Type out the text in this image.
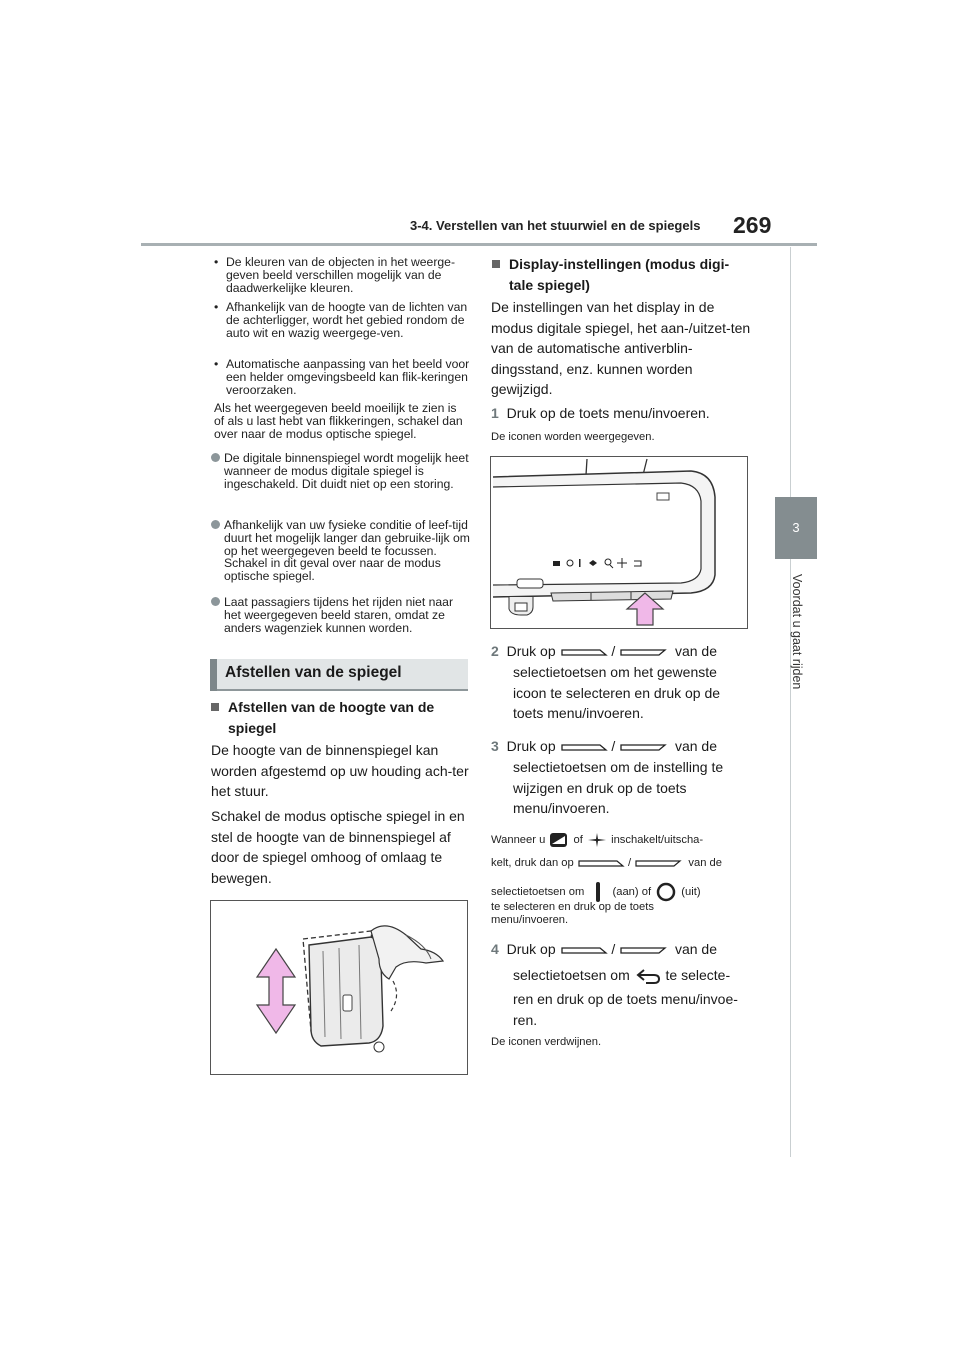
3-4. Verstellen van het stuurwiel en de spiegels 269
3
Voordat u gaat rijden
• De kleuren van de objecten in het weerge-geven beeld verschillen mogelijk van de daadwerkelijke kleuren.
• Afhankelijk van de hoogte van de lichten van de achterligger, wordt het gebied rondom de auto wit en wazig weergege-ven.
• Automatische aanpassing van het beeld voor een helder omgevingsbeeld kan flik-keringen veroorzaken.
Als het weergegeven beeld moeilijk te zien is of als u last hebt van flikkeringen, schakel dan over naar de modus optische spiegel.
De digitale binnenspiegel wordt mogelijk heet wanneer de modus digitale spiegel is ingeschakeld. Dit duidt niet op een storing.
Afhankelijk van uw fysieke conditie of leef-tijd duurt het mogelijk langer dan gebruike-lijk om op het weergegeven beeld te focussen. Schakel in dit geval over naar de modus optische spiegel.
Laat passagiers tijdens het rijden niet naar het weergegeven beeld staren, omdat ze anders wagenziek kunnen worden.
Afstellen van de spiegel
Afstellen van de hoogte van de spiegel
De hoogte van de binnenspiegel kan worden afgestemd op uw houding ach-ter het stuur.
Schakel de modus optische spiegel in en stel de hoogte van de binnenspiegel af door de spiegel omhoog of omlaag te bewegen.
Display-instellingen (modus digi-tale spiegel)
De instellingen van het display in de modus digitale spiegel, het aan-/uitzet-ten van de automatische antiverblin-dingsstand, enz. kunnen worden gewijzigd.
1 Druk op de toets menu/invoeren.
De iconen worden weergegeven.
2 Druk op	/	van de
selectietoetsen om het gewenste icoon te selecteren en druk op de toets menu/invoeren.
3 Druk op	/	van de
selectietoetsen om de instelling te wijzigen en druk op de toets menu/invoeren.
Wanneer u	of	inschakelt/uitscha-
kelt, druk dan op	/	van de
selectietoetsen om	(aan) of	(uit)
te selecteren en druk op de toets menu/invoeren.
4 Druk op	/	van de
selectietoetsen om	te selecte-
ren en druk op de toets menu/invoe-ren.
De iconen verdwijnen.
